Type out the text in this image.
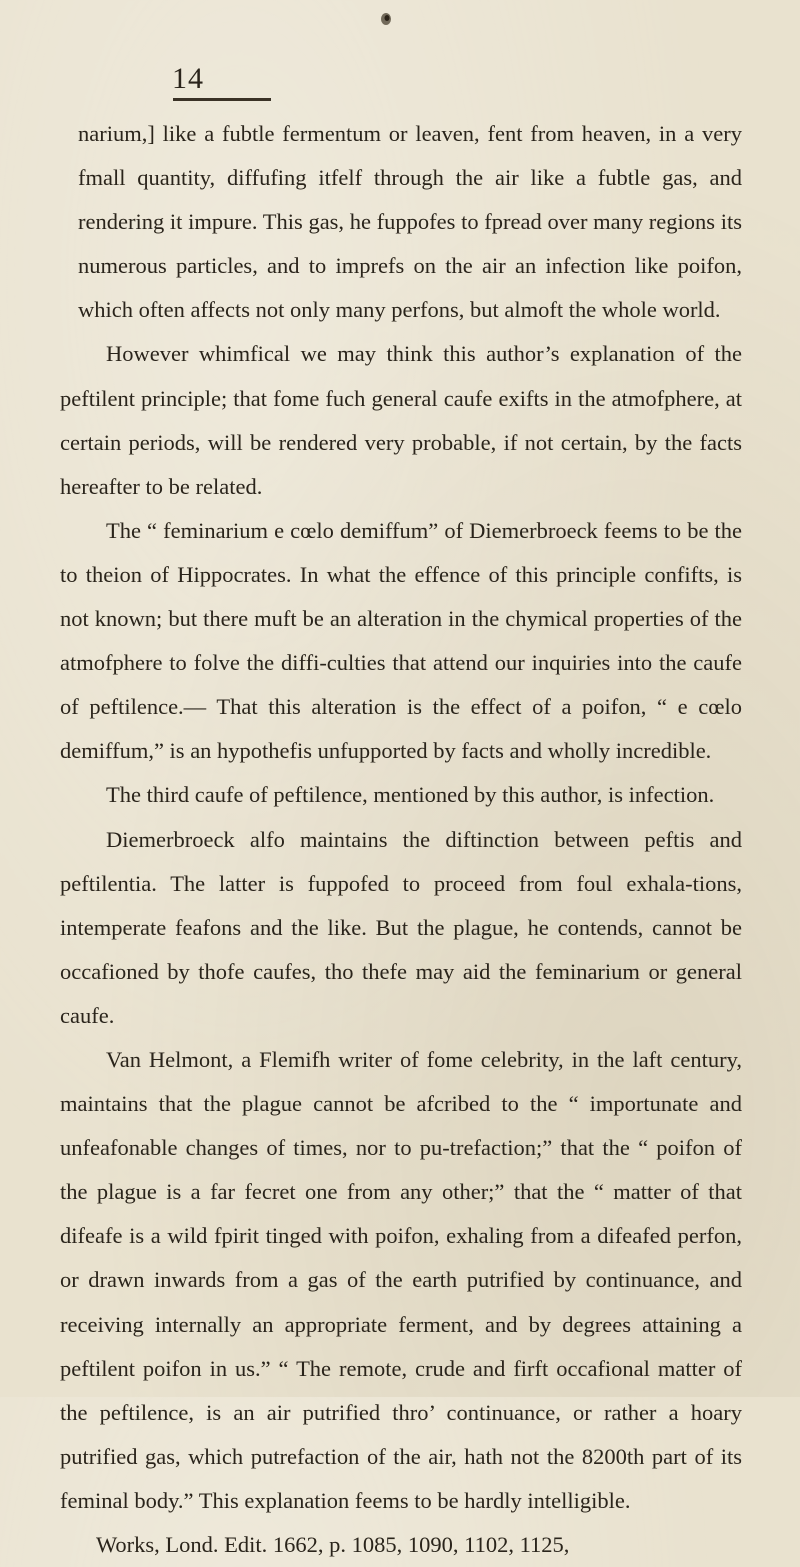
14

narium,] like a fubtle fermentum or leaven, fent from heaven, in a very fmall quantity, diffufing itfelf through the air like a fubtle gas, and rendering it impure. This gas, he fuppofes to fpread over many regions its numerous particles, and to imprefs on the air an infection like poifon, which often affects not only many perfons, but almoft the whole world.

However whimfical we may think this author’s explanation of the peftilent principle; that fome fuch general caufe exifts in the atmofphere, at certain periods, will be rendered very probable, if not certain, by the facts hereafter to be related.

The “ feminarium e cœlo demiffum” of Diemerbroeck feems to be the to theion of Hippocrates. In what the effence of this principle confifts, is not known; but there muft be an alteration in the chymical properties of the atmofphere to folve the diffi-culties that attend our inquiries into the caufe of peftilence.— That this alteration is the effect of a poifon, “ e cœlo demiffum,” is an hypothefis unfupported by facts and wholly incredible.

The third caufe of peftilence, mentioned by this author, is infection.

Diemerbroeck alfo maintains the diftinction between peftis and peftilentia. The latter is fuppofed to proceed from foul exhala-tions, intemperate feafons and the like. But the plague, he contends, cannot be occafioned by thofe caufes, tho thefe may aid the feminarium or general caufe.

Van Helmont, a Flemifh writer of fome celebrity, in the laft century, maintains that the plague cannot be afcribed to the “ importunate and unfeafonable changes of times, nor to pu-trefaction;” that the “ poifon of the plague is a far fecret one from any other;” that the “ matter of that difeafe is a wild fpirit tinged with poifon, exhaling from a difeafed perfon, or drawn inwards from a gas of the earth putrified by continuance, and receiving internally an appropriate ferment, and by degrees attaining a peftilent poifon in us.” “ The remote, crude and firft occafional matter of the peftilence, is an air putrified thro’ continuance, or rather a hoary putrified gas, which putrefaction of the air, hath not the 8200th part of its feminal body.” This explanation feems to be hardly intelligible.

Works, Lond. Edit. 1662, p. 1085, 1090, 1102, 1125,
